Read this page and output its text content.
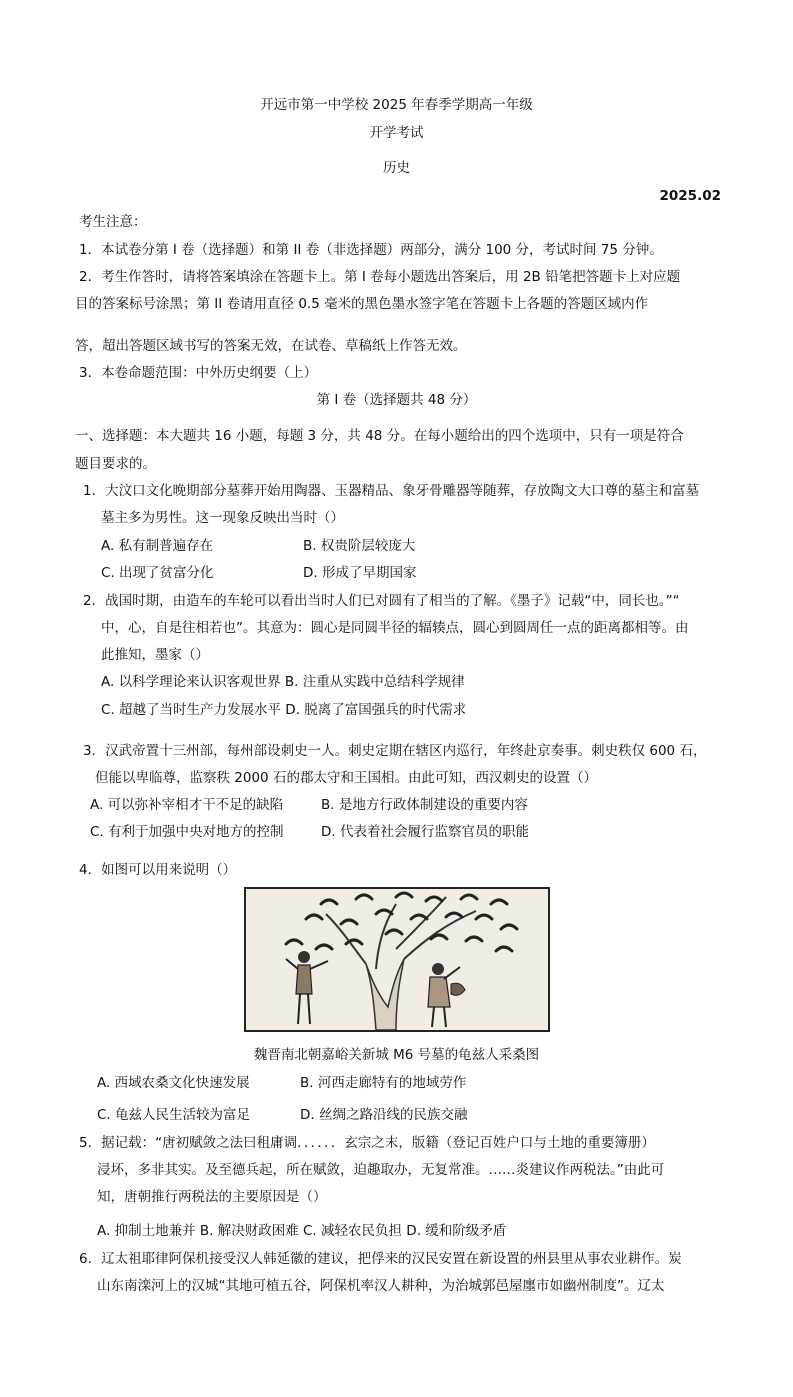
开远市第一中学校 2025 年春季学期高一年级
开学考试
历史
2025.02
考生注意：
1．本试卷分第 I 卷（选择题）和第 II 卷（非选择题）两部分，满分 100 分，考试时间 75 分钟。
2．考生作答时，请将答案填涂在答题卡上。第 I 卷每小题选出答案后，用 2B 铅笔把答题卡上对应题
目的答案标号涂黑；第 II 卷请用直径 0.5 毫米的黑色墨水签字笔在答题卡上各题的答题区域内作
答，超出答题区域书写的答案无效，在试卷、草稿纸上作答无效。
3．本卷命题范围：中外历史纲要（上）
第 I 卷（选择题共 48 分）
一、选择题：本大题共 16 小题，每题 3 分，共 48 分。在每小题给出的四个选项中，只有一项是符合
题目要求的。
1．大汶口文化晚期部分墓葬开始用陶器、玉器精品、象牙骨雕器等随葬，存放陶文大口尊的墓主和富墓
墓主多为男性。这一现象反映出当时（）
A. 私有制普遍存在	B. 权贵阶层较庞大
C. 出现了贫富分化	D. 形成了早期国家
2．战国时期，由造车的车轮可以看出当时人们已对圆有了相当的了解。《墨子》记载“中，同长也。”“
中，心，自是往相若也”。其意为：圆心是同圆半径的辐辏点，圆心到圆周任一点的距离都相等。由
此推知，墨家（）
A. 以科学理论来认识客观世界 B. 注重从实践中总结科学规律
C. 超越了当时生产力发展水平 D. 脱离了富国强兵的时代需求
3．汉武帝置十三州部，每州部设刺史一人。刺史定期在辖区内巡行，年终赴京奏事。刺史秩仅 600 石，
但能以卑临尊，监察秩 2000 石的郡太守和王国相。由此可知，西汉刺史的设置（）
A. 可以弥补宰相才干不足的缺陷	B. 是地方行政体制建设的重要内容
C. 有利于加强中央对地方的控制	D. 代表着社会履行监察官员的职能
4．如图可以用来说明（）
魏晋南北朝嘉峪关新城 M6 号墓的龟兹人采桑图
A. 西域农桑文化快速发展	B. 河西走廊特有的地域劳作
C. 龟兹人民生活较为富足	D. 丝绸之路沿线的民族交融
5．据记载：“唐初赋敛之法曰租庸调．．．．．．玄宗之末，版籍（登记百姓户口与土地的重要簿册）
浸坏，多非其实。及至德兵起，所在赋敛，迫趣取办，无复常准。……炎建议作两税法。”由此可
知，唐朝推行两税法的主要原因是（）
A. 抑制土地兼并 B. 解决财政困难 C. 减轻农民负担 D. 缓和阶级矛盾
6．辽太祖耶律阿保机接受汉人韩延徽的建议，把俘来的汉民安置在新设置的州县里从事农业耕作。炭
山东南滦河上的汉城“其地可植五谷，阿保机率汉人耕种，为治城郭邑屋廛市如幽州制度”。辽太
